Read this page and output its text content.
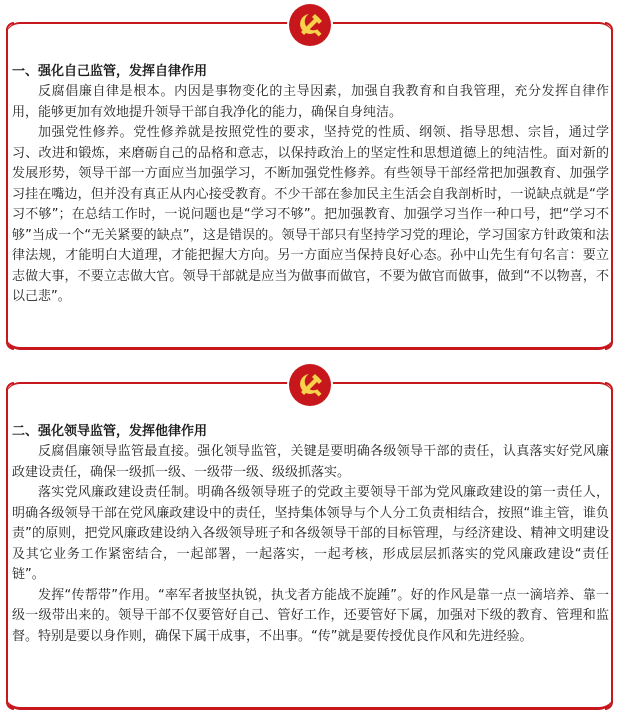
一、强化自己监管，发挥自律作用

反腐倡廉自律是根本。内因是事物变化的主导因素，加强自我教育和自我管理，充分发挥自律作用，能够更加有效地提升领导干部自我净化的能力，确保自身纯洁。

加强党性修养。党性修养就是按照党性的要求，坚持党的性质、纲领、指导思想、宗旨，通过学习、改进和锻炼，来磨砺自己的品格和意志，以保持政治上的坚定性和思想道德上的纯洁性。面对新的发展形势，领导干部一方面应当加强学习，不断加强党性修养。有些领导干部经常把加强教育、加强学习挂在嘴边，但并没有真正从内心接受教育。不少干部在参加民主生活会自我剖析时，一说缺点就是“学习不够”；在总结工作时，一说问题也是“学习不够”。把加强教育、加强学习当作一种口号，把“学习不够”当成一个“无关紧要的缺点”，这是错误的。领导干部只有坚持学习党的理论，学习国家方针政策和法律法规，才能明白大道理，才能把握大方向。另一方面应当保持良好心态。孙中山先生有句名言：要立志做大事，不要立志做大官。领导干部就是应当为做事而做官，不要为做官而做事，做到“不以物喜，不以己悲”。

二、强化领导监管，发挥他律作用

反腐倡廉领导监管最直接。强化领导监管，关键是要明确各级领导干部的责任，认真落实好党风廉政建设责任，确保一级抓一级、一级带一级、级级抓落实。

落实党风廉政建设责任制。明确各级领导班子的党政主要领导干部为党风廉政建设的第一责任人，明确各级领导干部在党风廉政建设中的责任，坚持集体领导与个人分工负责相结合，按照“谁主管，谁负责”的原则，把党风廉政建设纳入各级领导班子和各级领导干部的目标管理，与经济建设、精神文明建设及其它业务工作紧密结合，一起部署，一起落实，一起考核，形成层层抓落实的党风廉政建设“责任链”。

发挥“传帮带”作用。“率军者披坚执锐，执戈者方能战不旋踵”。好的作风是靠一点一滴培养、靠一级一级带出来的。领导干部不仅要管好自己、管好工作，还要管好下属，加强对下级的教育、管理和监督。特别是要以身作则，确保下属干成事，不出事。“传”就是要传授优良作风和先进经验。
